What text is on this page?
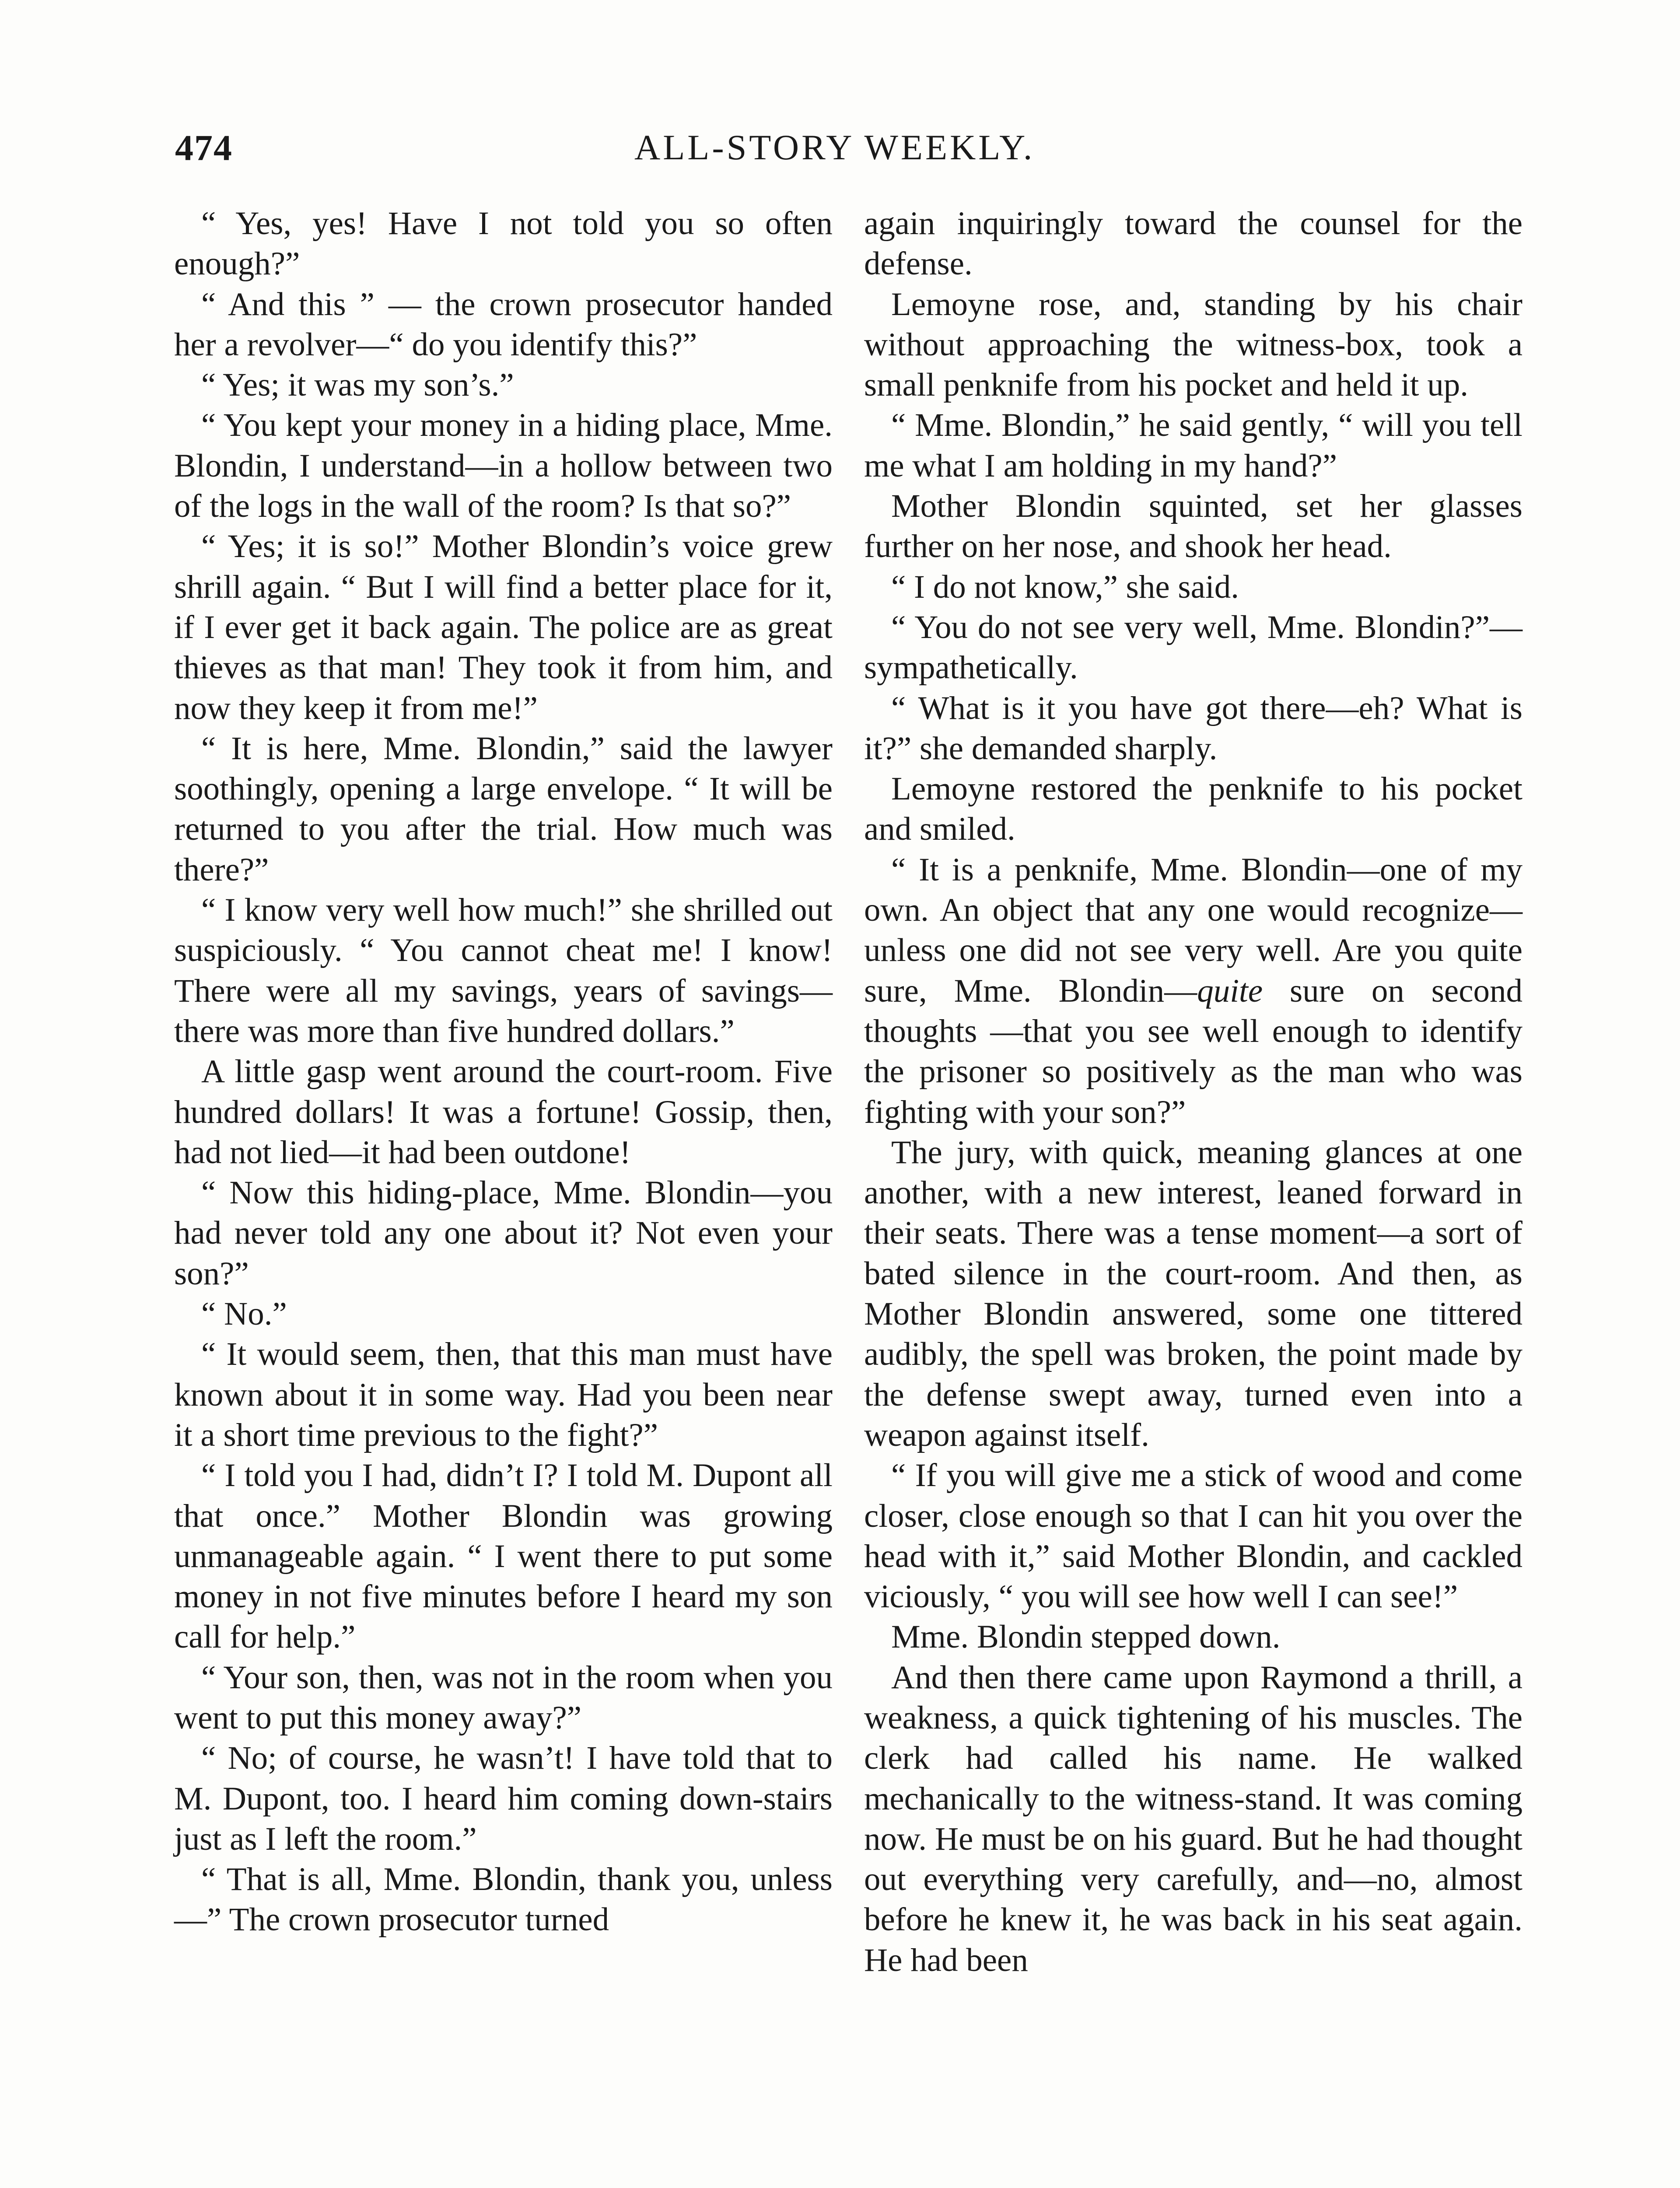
474	ALL-STORY WEEKLY.

“ Yes, yes! Have I not told you so often enough?”

“ And this ” — the crown prosecutor handed her a revolver—“ do you identify this?”

“ Yes; it was my son’s.”

“ You kept your money in a hiding place, Mme. Blondin, I understand—in a hollow between two of the logs in the wall of the room? Is that so?”

“ Yes; it is so!” Mother Blondin’s voice grew shrill again. “ But I will find a better place for it, if I ever get it back again. The police are as great thieves as that man! They took it from him, and now they keep it from me!”

“ It is here, Mme. Blondin,” said the lawyer soothingly, opening a large envelope. “ It will be returned to you after the trial. How much was there?”

“ I know very well how much!” she shrilled out suspiciously. “ You cannot cheat me! I know! There were all my savings, years of savings—there was more than five hundred dollars.”

A little gasp went around the court-room. Five hundred dollars! It was a fortune! Gossip, then, had not lied—it had been outdone!

“ Now this hiding-place, Mme. Blondin—you had never told any one about it? Not even your son?”

“ No.”

“ It would seem, then, that this man must have known about it in some way. Had you been near it a short time previous to the fight?”

“ I told you I had, didn’t I? I told M. Dupont all that once.” Mother Blondin was growing unmanageable again. “ I went there to put some money in not five minutes before I heard my son call for help.”

“ Your son, then, was not in the room when you went to put this money away?”

“ No; of course, he wasn’t! I have told that to M. Dupont, too. I heard him coming down-stairs just as I left the room.”

“ That is all, Mme. Blondin, thank you, unless—” The crown prosecutor turned

again inquiringly toward the counsel for the defense.

Lemoyne rose, and, standing by his chair without approaching the witness-box, took a small penknife from his pocket and held it up.

“ Mme. Blondin,” he said gently, “ will you tell me what I am holding in my hand?”

Mother Blondin squinted, set her glasses further on her nose, and shook her head.

“ I do not know,” she said.

“ You do not see very well, Mme. Blondin?”—sympathetically.

“ What is it you have got there—eh? What is it?” she demanded sharply.

Lemoyne restored the penknife to his pocket and smiled.

“ It is a penknife, Mme. Blondin—one of my own. An object that any one would recognize—unless one did not see very well. Are you quite sure, Mme. Blondin—quite sure on second thoughts —that you see well enough to identify the prisoner so positively as the man who was fighting with your son?”

The jury, with quick, meaning glances at one another, with a new interest, leaned forward in their seats. There was a tense moment—a sort of bated silence in the court-room. And then, as Mother Blondin answered, some one tittered audibly, the spell was broken, the point made by the defense swept away, turned even into a weapon against itself.

“ If you will give me a stick of wood and come closer, close enough so that I can hit you over the head with it,” said Mother Blondin, and cackled viciously, “ you will see how well I can see!”

Mme. Blondin stepped down.

And then there came upon Raymond a thrill, a weakness, a quick tightening of his muscles. The clerk had called his name. He walked mechanically to the witness-stand. It was coming now. He must be on his guard. But he had thought out everything very carefully, and—no, almost before he knew it, he was back in his seat again. He had been
